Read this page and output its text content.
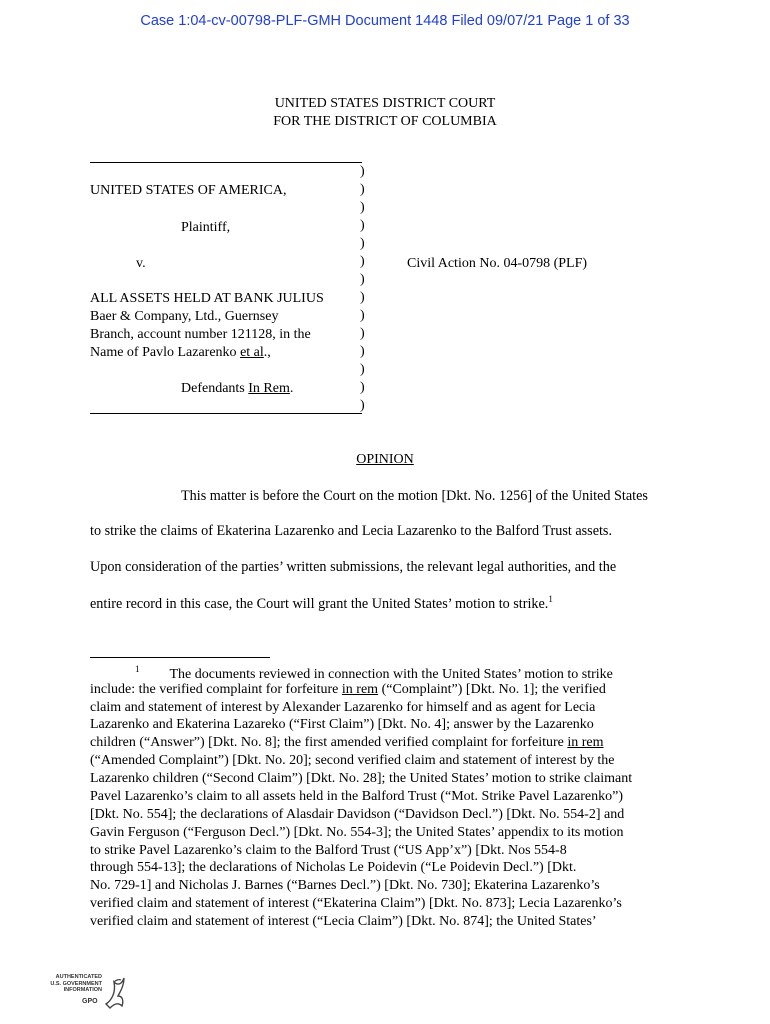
Case 1:04-cv-00798-PLF-GMH Document 1448 Filed 09/07/21 Page 1 of 33
UNITED STATES DISTRICT COURT
FOR THE DISTRICT OF COLUMBIA
)
)
)
)
)
)
)
)
)
)
)
)
)
)
UNITED STATES OF AMERICA,
Plaintiff,
v.
ALL ASSETS HELD AT BANK JULIUS
Baer & Company, Ltd., Guernsey
Branch, account number 121128, in the
Name of Pavlo Lazarenko et al.,
Defendants In Rem.
Civil Action No. 04-0798 (PLF)
OPINION
This matter is before the Court on the motion [Dkt. No. 1256] of the United States
to strike the claims of Ekaterina Lazarenko and Lecia Lazarenko to the Balford Trust assets.
Upon consideration of the parties’ written submissions, the relevant legal authorities, and the
entire record in this case, the Court will grant the United States’ motion to strike.$^1$
$^1$ The documents reviewed in connection with the United States’ motion to strike
include: the verified complaint for forfeiture in rem (“Complaint”) [Dkt. No. 1]; the verified
claim and statement of interest by Alexander Lazarenko for himself and as agent for Lecia
Lazarenko and Ekaterina Lazareko (“First Claim”) [Dkt. No. 4]; answer by the Lazarenko
children (“Answer”) [Dkt. No. 8]; the first amended verified complaint for forfeiture in rem
(“Amended Complaint”) [Dkt. No. 20]; second verified claim and statement of interest by the
Lazarenko children (“Second Claim”) [Dkt. No. 28]; the United States’ motion to strike claimant
Pavel Lazarenko’s claim to all assets held in the Balford Trust (“Mot. Strike Pavel Lazarenko”)
[Dkt. No. 554]; the declarations of Alasdair Davidson (“Davidson Decl.”) [Dkt. No. 554-2] and
Gavin Ferguson (“Ferguson Decl.”) [Dkt. No. 554-3]; the United States’ appendix to its motion
to strike Pavel Lazarenko’s claim to the Balford Trust (“US App’x”) [Dkt. Nos 554-8
through 554-13]; the declarations of Nicholas Le Poidevin (“Le Poidevin Decl.”) [Dkt.
No. 729-1] and Nicholas J. Barnes (“Barnes Decl.”) [Dkt. No. 730]; Ekaterina Lazarenko’s
verified claim and statement of interest (“Ekaterina Claim”) [Dkt. No. 873]; Lecia Lazarenko’s
verified claim and statement of interest (“Lecia Claim”) [Dkt. No. 874]; the United States’
AUTHENTICATED
U.S. GOVERNMENT
INFORMATION
GPO
